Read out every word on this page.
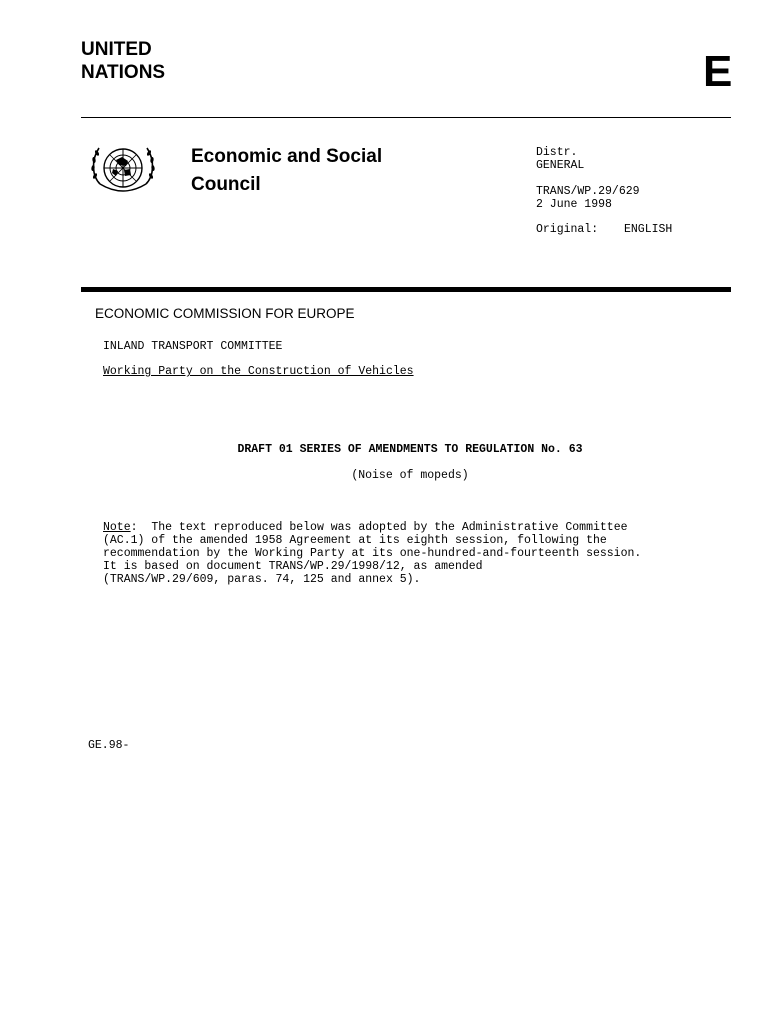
UNITED
NATIONS	E
Economic and Social
Council
Distr.
GENERAL
TRANS/WP.29/629
2 June 1998
Original: ENGLISH
ECONOMIC COMMISSION FOR EUROPE
INLAND TRANSPORT COMMITTEE
Working Party on the Construction of Vehicles
DRAFT 01 SERIES OF AMENDMENTS TO REGULATION No. 63
(Noise of mopeds)
Note:  The text reproduced below was adopted by the Administrative Committee
(AC.1) of the amended 1958 Agreement at its eighth session, following the
recommendation by the Working Party at its one-hundred-and-fourteenth session.
It is based on document TRANS/WP.29/1998/12, as amended
(TRANS/WP.29/609, paras. 74, 125 and annex 5).
GE.98-
